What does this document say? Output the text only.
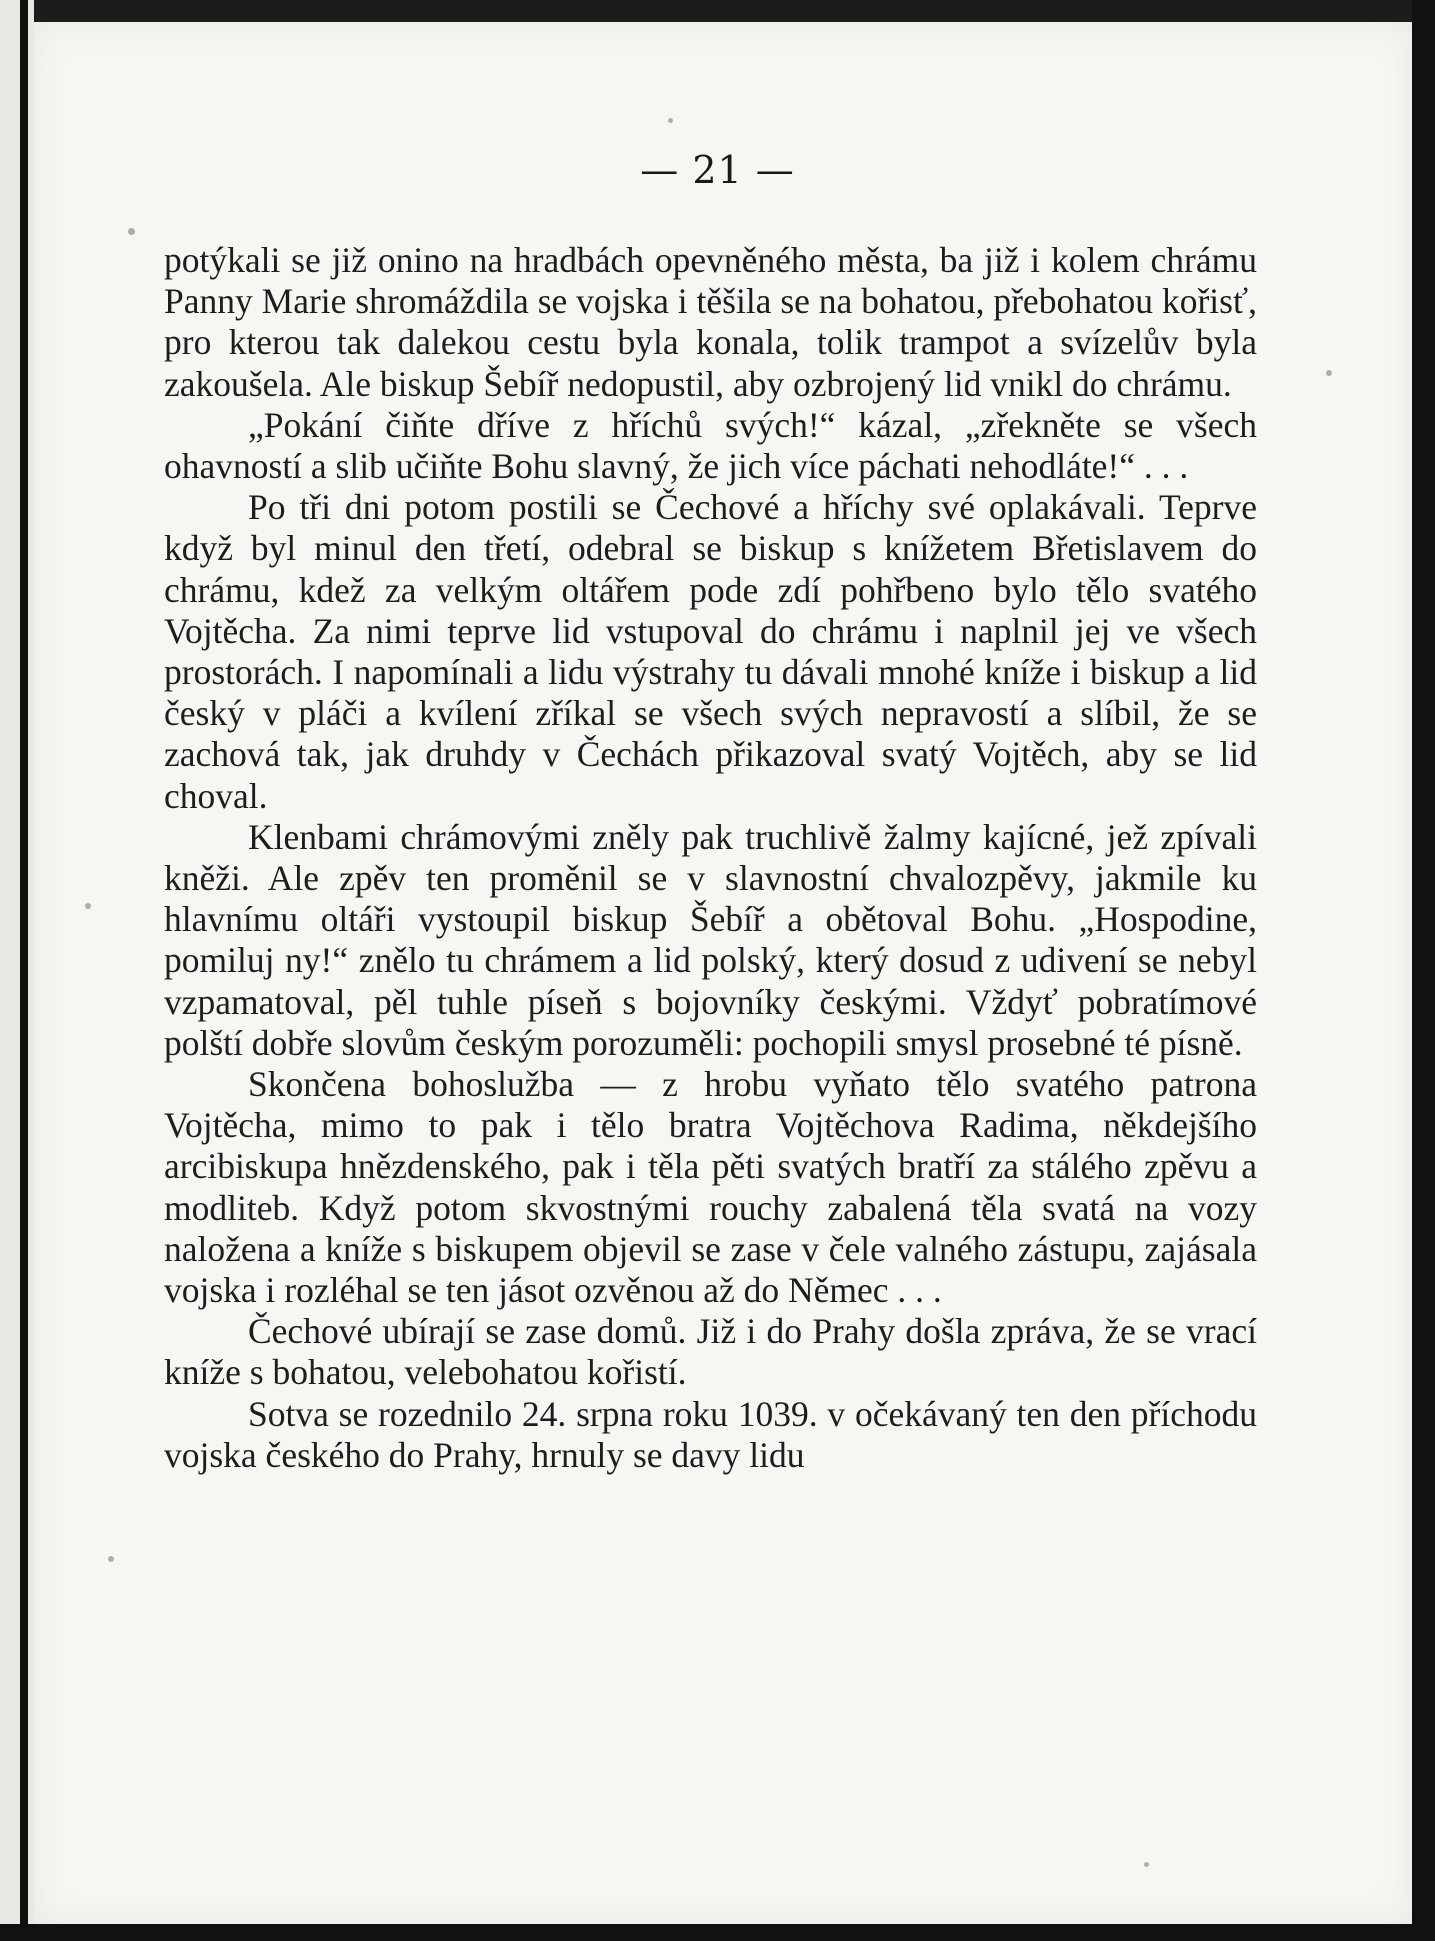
— 21 —

potýkali se již onino na hradbách opevněného města, ba již i kolem chrámu Panny Marie shromáždila se vojska i těšila se na bohatou, přebohatou kořisť, pro kterou tak dalekou cestu byla konala, tolik trampot a svízelův byla zakoušela. Ale biskup Šebíř nedopustil, aby ozbrojený lid vnikl do chrámu.

„Pokání čiňte dříve z hříchů svých!“ kázal, „zřekněte se všech ohavností a slib učiňte Bohu slavný, že jich více páchati nehodláte!“ . . .

Po tři dni potom postili se Čechové a hříchy své oplakávali. Teprve když byl minul den třetí, odebral se biskup s knížetem Břetislavem do chrámu, kdež za velkým oltářem pode zdí pohřbeno bylo tělo svatého Vojtěcha. Za nimi teprve lid vstupoval do chrámu i naplnil jej ve všech prostorách. I napomínali a lidu výstrahy tu dávali mnohé kníže i biskup a lid český v pláči a kvílení zříkal se všech svých nepravostí a slíbil, že se zachová tak, jak druhdy v Čechách přikazoval svatý Vojtěch, aby se lid choval.

Klenbami chrámovými zněly pak truchlivě žalmy kajícné, jež zpívali kněži. Ale zpěv ten proměnil se v slavnostní chvalozpěvy, jakmile ku hlavnímu oltáři vystoupil biskup Šebíř a obětoval Bohu. „Hospodine, pomiluj ny!“ znělo tu chrámem a lid polský, který dosud z udivení se nebyl vzpamatoval, pěl tuhle píseň s bojovníky českými. Vždyť pobratímové polští dobře slovům českým porozuměli: pochopili smysl prosebné té písně.

Skončena bohoslužba — z hrobu vyňato tělo svatého patrona Vojtěcha, mimo to pak i tělo bratra Vojtěchova Radima, někdejšího arcibiskupa hnězdenského, pak i těla pěti svatých bratří za stálého zpěvu a modliteb. Když potom skvostnými rouchy zabalená těla svatá na vozy naložena a kníže s biskupem objevil se zase v čele valného zástupu, zajásala vojska i rozléhal se ten jásot ozvěnou až do Němec . . .

Čechové ubírají se zase domů. Již i do Prahy došla zpráva, že se vrací kníže s bohatou, velebohatou kořistí.

Sotva se rozednilo 24. srpna roku 1039. v očekávaný ten den příchodu vojska českého do Prahy, hrnuly se davy lidu
